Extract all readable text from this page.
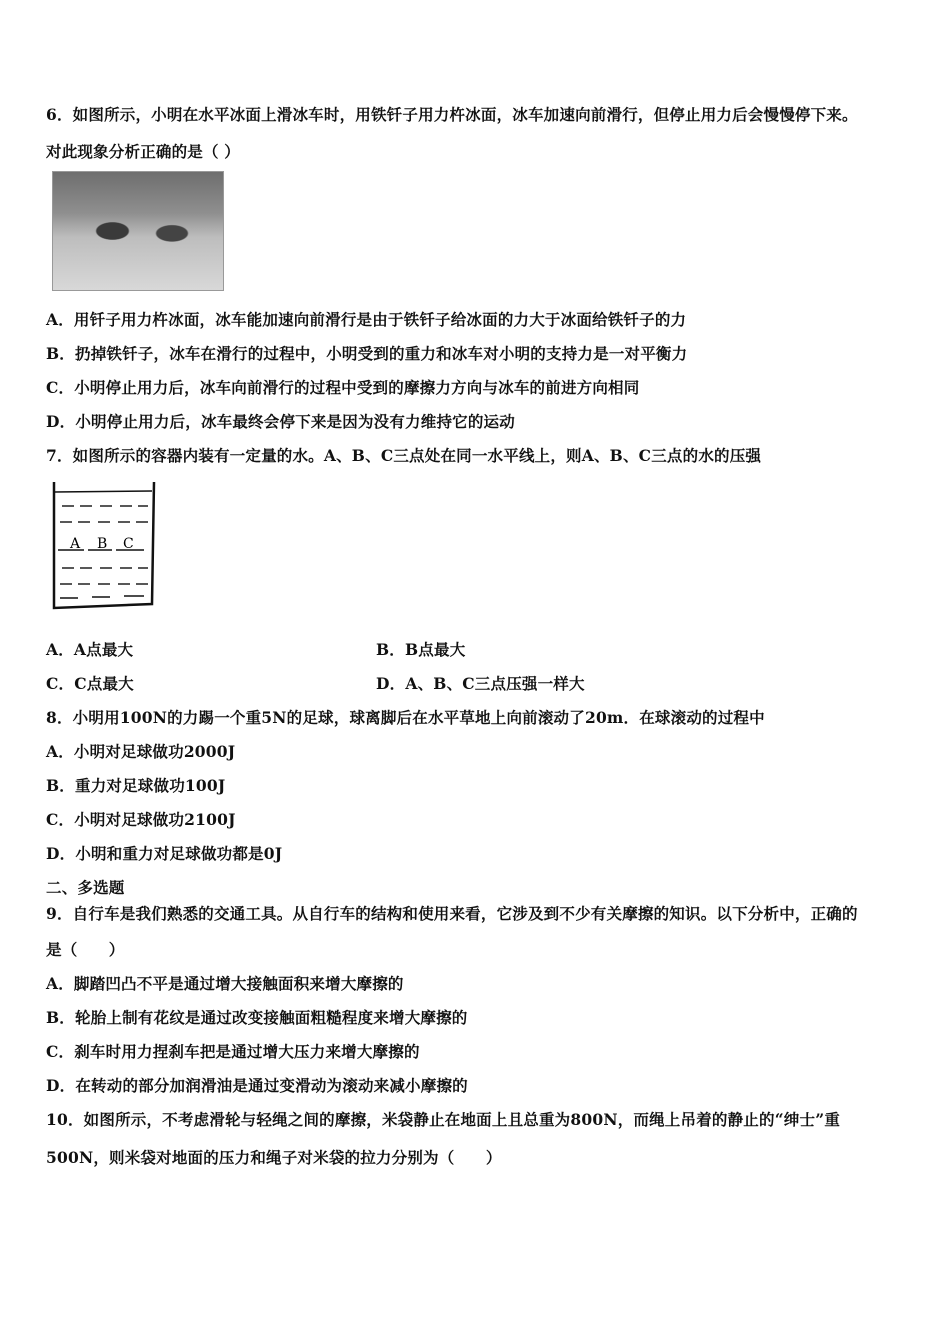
6．如图所示，小明在水平冰面上滑冰车时，用铁钎子用力杵冰面，冰车加速向前滑行，但停止用力后会慢慢停下来。
对此现象分析正确的是（ ）
A．用钎子用力杵冰面，冰车能加速向前滑行是由于铁钎子给冰面的力大于冰面给铁钎子的力
B．扔掉铁钎子，冰车在滑行的过程中，小明受到的重力和冰车对小明的支持力是一对平衡力
C．小明停止用力后，冰车向前滑行的过程中受到的摩擦力方向与冰车的前进方向相同
D．小明停止用力后，冰车最终会停下来是因为没有力维持它的运动
7．如图所示的容器内装有一定量的水。A、B、C三点处在同一水平线上，则A、B、C三点的水的压强
A B C
A．A点最大	B．B点最大
C．C点最大	D．A、B、C三点压强一样大
8．小明用100N的力踢一个重5N的足球，球离脚后在水平草地上向前滚动了20m．在球滚动的过程中
A．小明对足球做功2000J
B．重力对足球做功100J
C．小明对足球做功2100J
D．小明和重力对足球做功都是0J
二、多选题
9．自行车是我们熟悉的交通工具。从自行车的结构和使用来看，它涉及到不少有关摩擦的知识。以下分析中，正确的
是（　　）
A．脚踏凹凸不平是通过增大接触面积来增大摩擦的
B．轮胎上制有花纹是通过改变接触面粗糙程度来增大摩擦的
C．刹车时用力捏刹车把是通过增大压力来增大摩擦的
D．在转动的部分加润滑油是通过变滑动为滚动来减小摩擦的
10．如图所示，不考虑滑轮与轻绳之间的摩擦，米袋静止在地面上且总重为800N，而绳上吊着的静止的“绅士”重
500N，则米袋对地面的压力和绳子对米袋的拉力分别为（　　）
